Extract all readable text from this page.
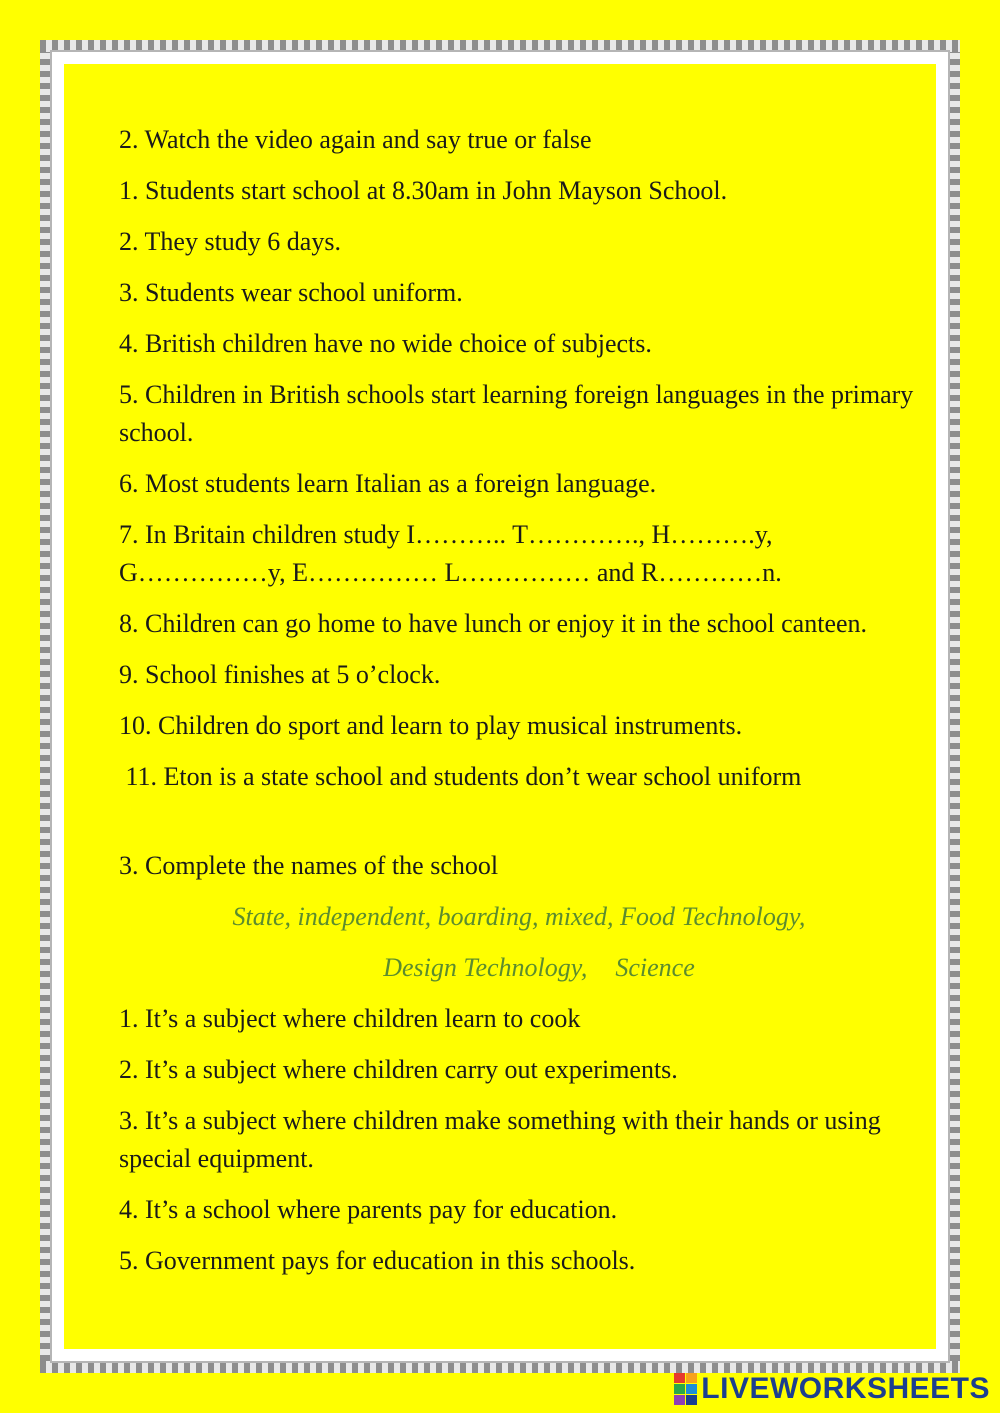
2. Watch the video again and say true or false
1. Students start school at 8.30am in John Mayson School.
2. They study 6 days.
3. Students wear school uniform.
4. British children have no wide choice of subjects.
5. Children in British schools start learning foreign languages in the primary school.
6. Most students learn Italian as a foreign language.
7. In Britain children study I……….. T…………., H……….y, G……………y, E…………… L…………… and R…………n.
8. Children can go home to have lunch or enjoy it in the school canteen.
9. School finishes at 5 o’clock.
10. Children do sport and learn to play musical instruments.
11. Eton is a state school and students don’t wear school uniform
3. Complete the names of the school
State, independent, boarding, mixed, Food Technology,
Design Technology, Science
1. It’s a subject where children learn to cook
2. It’s a subject where children carry out experiments.
3. It’s a subject where children make something with their hands or using special equipment.
4. It’s a school where parents pay for education.
5. Government pays for education in this schools.
LIVEWORKSHEETS
